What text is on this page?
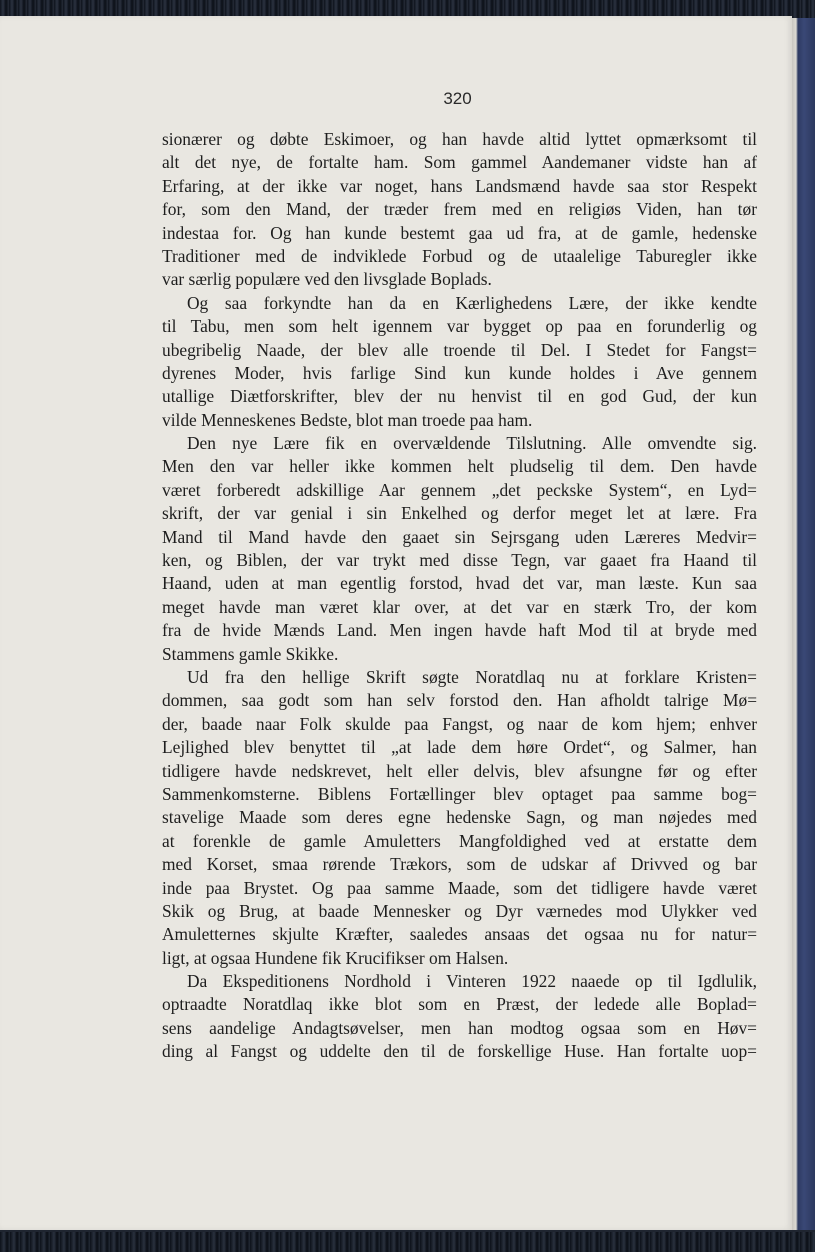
320
sionærer og døbte Eskimoer, og han havde altid lyttet opmærksomt til
alt det nye, de fortalte ham. Som gammel Aandemaner vidste han af
Erfaring, at der ikke var noget, hans Landsmænd havde saa stor Respekt
for, som den Mand, der træder frem med en religiøs Viden, han tør
indestaa for. Og han kunde bestemt gaa ud fra, at de gamle, hedenske
Traditioner med de indviklede Forbud og de utaalelige Taburegler ikke
var særlig populære ved den livsglade Boplads.
Og saa forkyndte han da en Kærlighedens Lære, der ikke kendte
til Tabu, men som helt igennem var bygget op paa en forunderlig og
ubegribelig Naade, der blev alle troende til Del. I Stedet for Fangst=
dyrenes Moder, hvis farlige Sind kun kunde holdes i Ave gennem
utallige Diætforskrifter, blev der nu henvist til en god Gud, der kun
vilde Menneskenes Bedste, blot man troede paa ham.
Den nye Lære fik en overvældende Tilslutning. Alle omvendte sig.
Men den var heller ikke kommen helt pludselig til dem. Den havde
været forberedt adskillige Aar gennem „det peckske System“, en Lyd=
skrift, der var genial i sin Enkelhed og derfor meget let at lære. Fra
Mand til Mand havde den gaaet sin Sejrsgang uden Læreres Medvir=
ken, og Biblen, der var trykt med disse Tegn, var gaaet fra Haand til
Haand, uden at man egentlig forstod, hvad det var, man læste. Kun saa
meget havde man været klar over, at det var en stærk Tro, der kom
fra de hvide Mænds Land. Men ingen havde haft Mod til at bryde med
Stammens gamle Skikke.
Ud fra den hellige Skrift søgte Noratdlaq nu at forklare Kristen=
dommen, saa godt som han selv forstod den. Han afholdt talrige Mø=
der, baade naar Folk skulde paa Fangst, og naar de kom hjem; enhver
Lejlighed blev benyttet til „at lade dem høre Ordet“, og Salmer, han
tidligere havde nedskrevet, helt eller delvis, blev afsungne før og efter
Sammenkomsterne. Biblens Fortællinger blev optaget paa samme bog=
stavelige Maade som deres egne hedenske Sagn, og man nøjedes med
at forenkle de gamle Amuletters Mangfoldighed ved at erstatte dem
med Korset, smaa rørende Trækors, som de udskar af Drivved og bar
inde paa Brystet. Og paa samme Maade, som det tidligere havde været
Skik og Brug, at baade Mennesker og Dyr værnedes mod Ulykker ved
Amuletternes skjulte Kræfter, saaledes ansaas det ogsaa nu for natur=
ligt, at ogsaa Hundene fik Krucifikser om Halsen.
Da Ekspeditionens Nordhold i Vinteren 1922 naaede op til Igdlulik,
optraadte Noratdlaq ikke blot som en Præst, der ledede alle Boplad=
sens aandelige Andagtsøvelser, men han modtog ogsaa som en Høv=
ding al Fangst og uddelte den til de forskellige Huse. Han fortalte uop=
